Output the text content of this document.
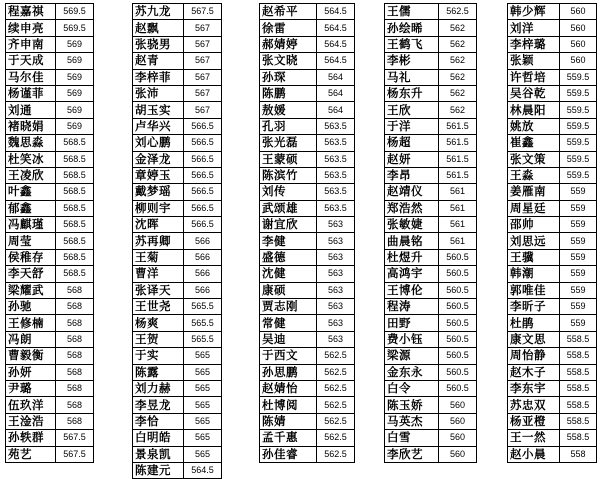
程嘉祺	569.5
续申亮	569.5
齐申南	569
于天成	569
马尔佳	569
杨谨菲	569
刘通	569
褚晓娟	569
魏思淼	568.5
杜笑冰	568.5
王凌欣	568.5
叶鑫	568.5
郁鑫	568.5
冯麒瑾	568.5
周莹	568.5
侯稚存	568.5
李天舒	568.5
梁耀武	568
孙驰	568
王修楠	568
冯朗	568
曹毅衡	568
孙妍	568
尹璐	568
伍玖洋	568
王淦浩	568
孙轶群	567.5
苑艺	567.5
苏九龙	567.5
赵飘	567
张骁男	567
赵青	567
李梓菲	567
张沛	567
胡玉实	567
卢华兴	566.5
刘心鹏	566.5
金泽龙	566.5
章婷玉	566.5
戴梦瑶	566.5
柳则宇	566.5
沈晖	566.5
苏再卿	566
王菊	566
曹洋	566
张译天	566
王世尧	565.5
杨爽	565.5
王贺	565.5
于实	565
陈露	565
刘力赫	565
李昱龙	565
李恰	565
白明皓	565
景泉凯	565
陈建元	564.5
赵希平	564.5
徐雷	564.5
郝婧婷	564.5
张文晓	564.5
孙琛	564
陈鹏	564
敖媛	564
孔羽	563.5
张光磊	563.5
王蒙硕	563.5
陈滨竹	563.5
刘传	563.5
武颂雄	563.5
谢宜欣	563
李健	563
盛德	563
沈健	563
康硕	563
贾志刚	563
常健	563
吴迪	563
于西文	562.5
孙思鹏	562.5
赵婧怡	562.5
杜博阅	562.5
陈婧	562.5
孟千惠	562.5
孙佳睿	562.5
王儒	562.5
孙绘晞	562
王鹤飞	562
李彬	562
马礼	562
杨东升	562
王欣	562
于洋	561.5
杨超	561.5
赵妍	561.5
李昂	561.5
赵靖仪	561
郑浩然	561
张敏婕	561
曲晨铭	561
杜煜升	560.5
高鸿宇	560.5
王博伦	560.5
程涛	560.5
田野	560.5
费小钰	560.5
梁源	560.5
金东永	560.5
白令	560.5
陈玉娇	560
马英杰	560
白雪	560
李欣艺	560
韩少辉	560
刘洋	560
李梓璐	560
张颖	560
许哲培	559.5
吴谷乾	559.5
林晨阳	559.5
姚放	559.5
崔鑫	559.5
张文策	559.5
王淼	559.5
姜雁南	559
周星廷	559
邵帅	559
刘思远	559
王骥	559
韩潮	559
郭唯佳	559
李昕子	559
杜鹃	559
康文思	558.5
周怡静	558.5
赵木子	558.5
李东宇	558.5
苏忠双	558.5
杨亚橙	558.5
王一然	558.5
赵小晨	558
